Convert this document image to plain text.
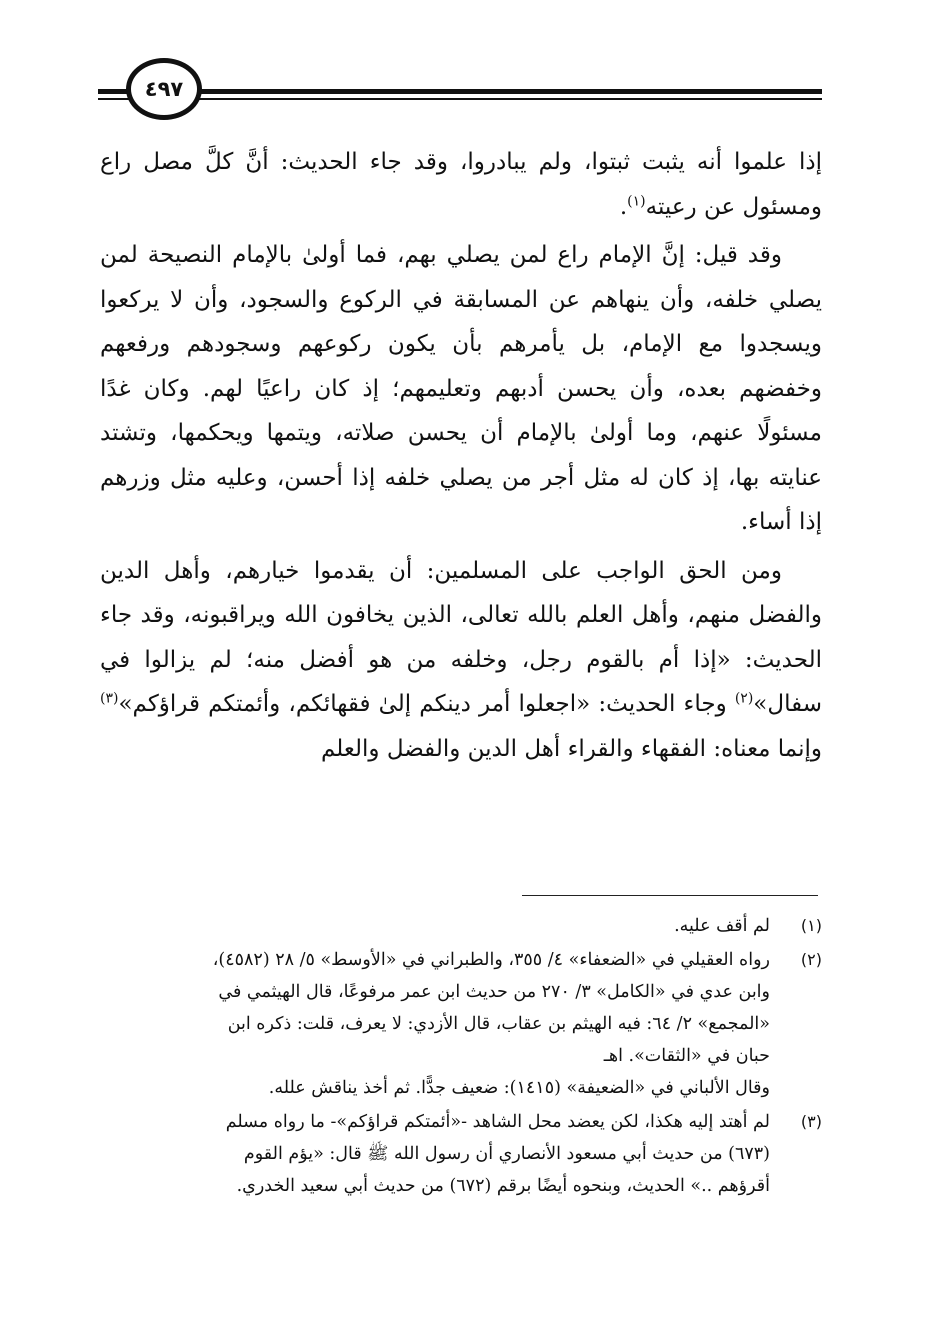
٤٩٧

إذا علموا أنه يثبت ثبتوا، ولم يبادروا، وقد جاء الحديث: أنَّ كلَّ مصل راع ومسئول عن رعيته$^{(١)}$.

وقد قيل: إنَّ الإمام راع لمن يصلي بهم، فما أولىٰ بالإمام النصيحة لمن يصلي خلفه، وأن ينهاهم عن المسابقة في الركوع والسجود، وأن لا يركعوا ويسجدوا مع الإمام، بل يأمرهم بأن يكون ركوعهم وسجودهم ورفعهم وخفضهم بعده، وأن يحسن أدبهم وتعليمهم؛ إذ كان راعيًا لهم. وكان غدًا مسئولًا عنهم، وما أولىٰ بالإمام أن يحسن صلاته، ويتمها ويحكمها، وتشتد عنايته بها، إذ كان له مثل أجر من يصلي خلفه إذا أحسن، وعليه مثل وزرهم إذا أساء.

ومن الحق الواجب على المسلمين: أن يقدموا خيارهم، وأهل الدين والفضل منهم، وأهل العلم بالله تعالى، الذين يخافون الله ويراقبونه، وقد جاء الحديث: «إذا أم بالقوم رجل، وخلفه من هو أفضل منه؛ لم يزالوا في سفال»$^{(٢)}$ وجاء الحديث: «اجعلوا أمر دينكم إلىٰ فقهائكم، وأئمتكم قراؤكم»$^{(٣)}$ وإنما معناه: الفقهاء والقراء أهل الدين والفضل والعلم

(١)
لم أقف عليه.
(٢)
رواه العقيلي في «الضعفاء» ٤/ ٣٥٥، والطبراني في «الأوسط» ٥/ ٢٨ (٤٥٨٢)،
وابن عدي في «الكامل» ٣/ ٢٧٠ من حديث ابن عمر مرفوعًا، قال الهيثمي في
«المجمع» ٢/ ٦٤: فيه الهيثم بن عقاب، قال الأزدي: لا يعرف، قلت: ذكره ابن
حبان في «الثقات». اهـ
وقال الألباني في «الضعيفة» (١٤١٥): ضعيف جدًّا. ثم أخذ يناقش علله.
(٣)
لم أهتد إليه هكذا، لكن يعضد محل الشاهد -«أئمتكم قراؤكم»- ما رواه مسلم
(٦٧٣) من حديث أبي مسعود الأنصاري أن رسول الله ﷺ قال: «يؤم القوم
أقرؤهم ..» الحديث، وبنحوه أيضًا برقم (٦٧٢) من حديث أبي سعيد الخدري.
